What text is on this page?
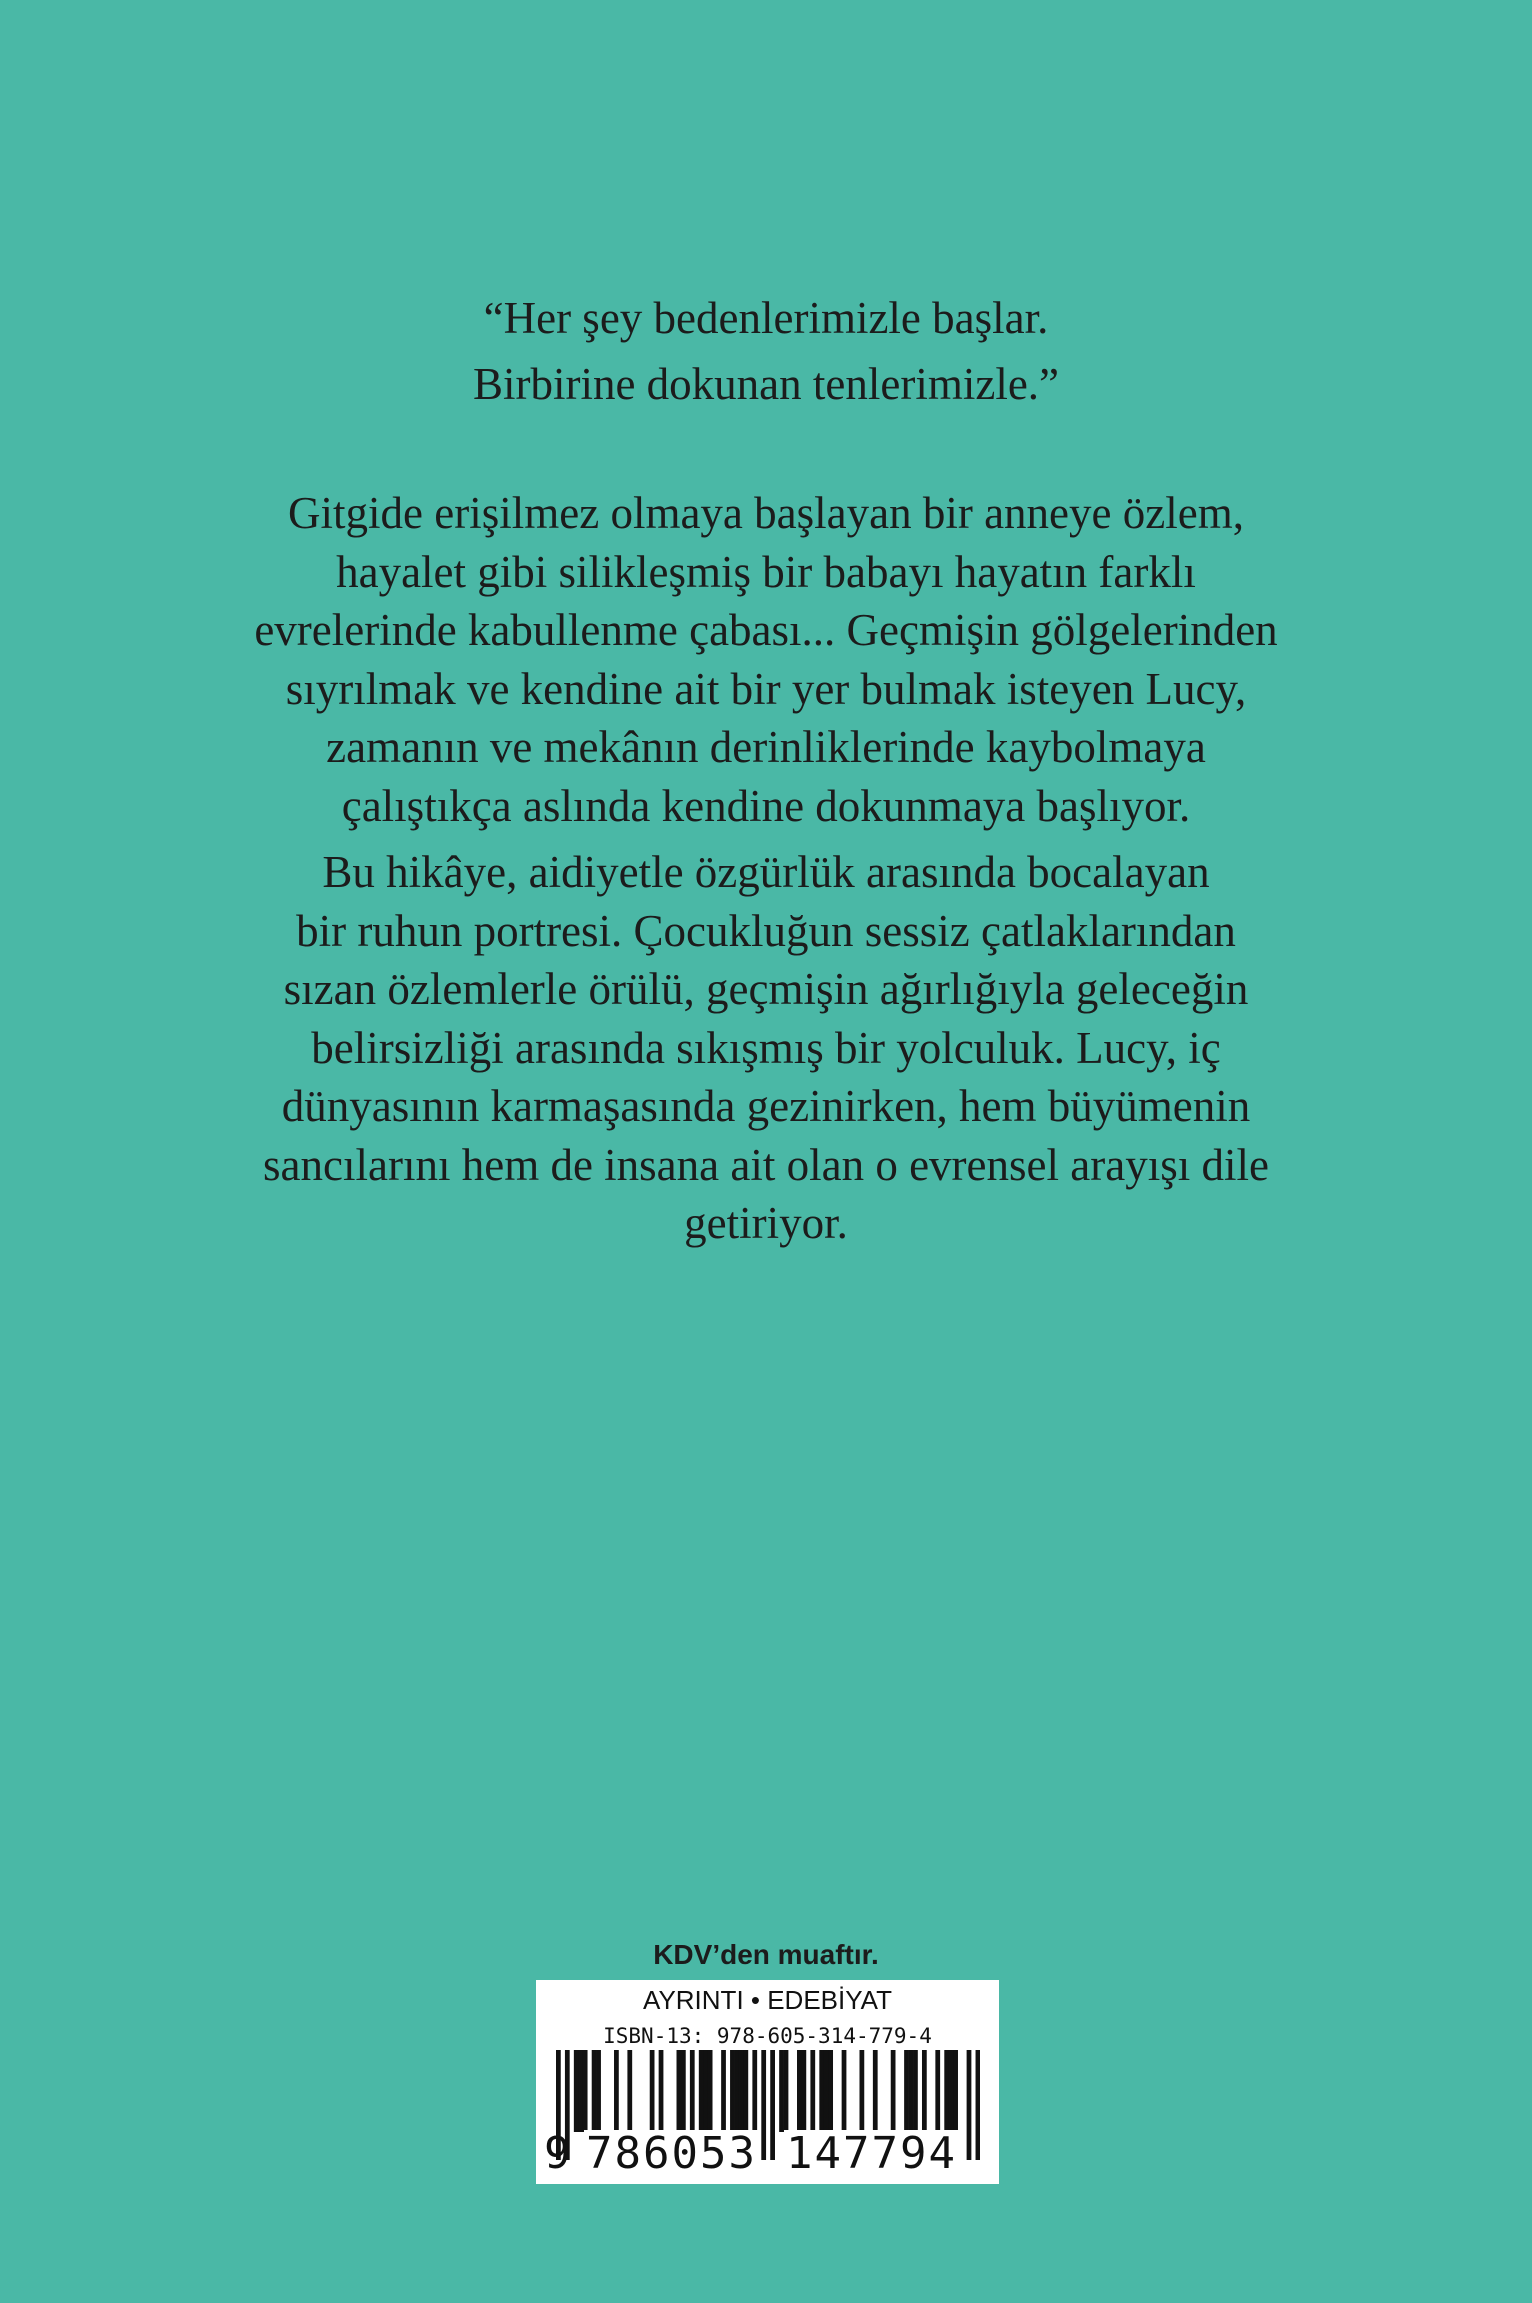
“Her şey bedenlerimizle başlar.
Birbirine dokunan tenlerimizle.”
Gitgide erişilmez olmaya başlayan bir anneye özlem,
hayalet gibi silikleşmiş bir babayı hayatın farklı
evrelerinde kabullenme çabası... Geçmişin gölgelerinden
sıyrılmak ve kendine ait bir yer bulmak isteyen Lucy,
zamanın ve mekânın derinliklerinde kaybolmaya
çalıştıkça aslında kendine dokunmaya başlıyor.
Bu hikâye, aidiyetle özgürlük arasında bocalayan
bir ruhun portresi. Çocukluğun sessiz çatlaklarından
sızan özlemlerle örülü, geçmişin ağırlığıyla geleceğin
belirsizliği arasında sıkışmış bir yolculuk. Lucy, iç
dünyasının karmaşasında gezinirken, hem büyümenin
sancılarını hem de insana ait olan o evrensel arayışı dile
getiriyor.
KDV’den muaftır.
AYRINTI • EDEBİYAT
ISBN-13: 978-605-314-779-4
9 786053 147794
